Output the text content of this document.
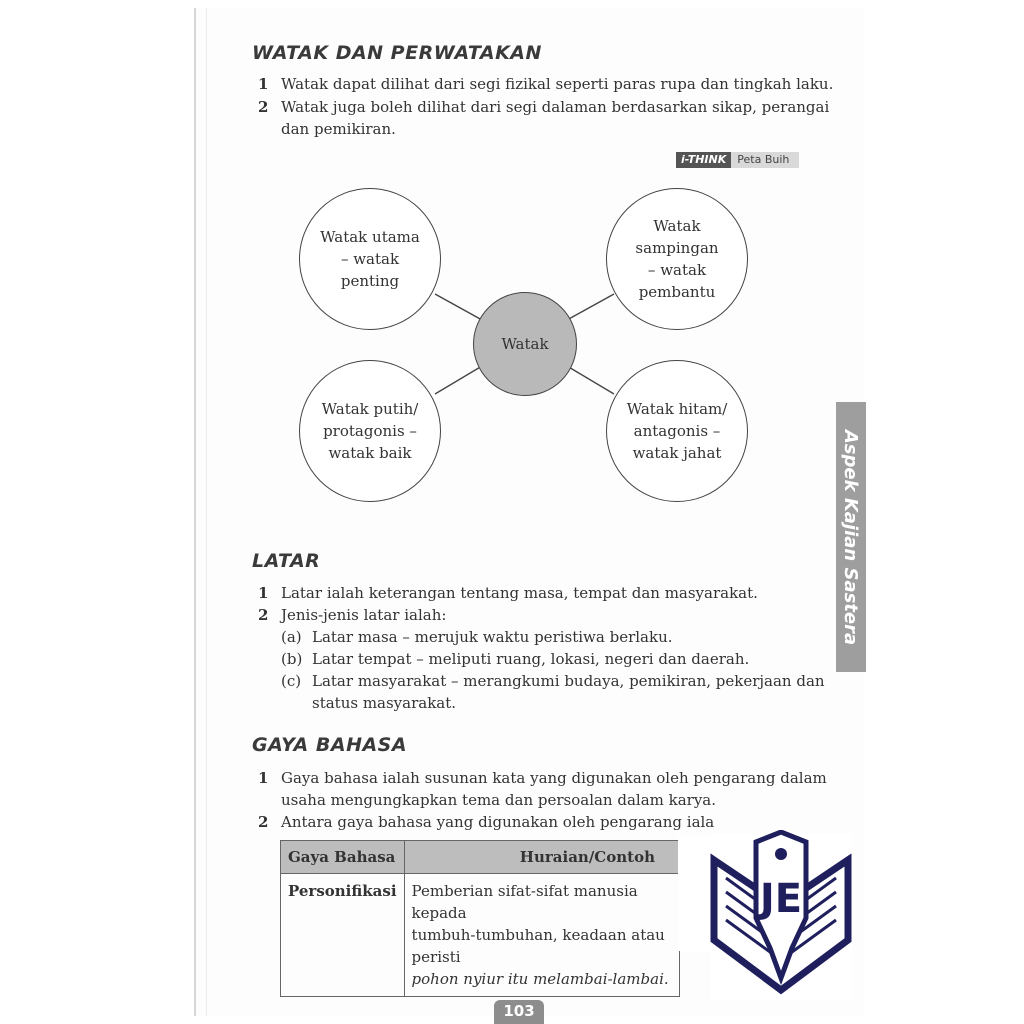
WATAK DAN PERWATAKAN
1 Watak dapat dilihat dari segi fizikal seperti paras rupa dan tingkah laku.
2 Watak juga boleh dilihat dari segi dalaman berdasarkan sikap, perangai
dan pemikiran.
i-THINK	Peta Buih
Watak utama
– watak
penting
Watak
sampingan
– watak
pembantu
Watak
Watak putih/
protagonis –
watak baik
Watak hitam/
antagonis –
watak jahat
LATAR
1 Latar ialah keterangan tentang masa, tempat dan masyarakat.
2 Jenis-jenis latar ialah:
(a) Latar masa – merujuk waktu peristiwa berlaku.
(b) Latar tempat – meliputi ruang, lokasi, negeri dan daerah.
(c) Latar masyarakat – merangkumi budaya, pemikiran, pekerjaan dan
status masyarakat.
GAYA BAHASA
1 Gaya bahasa ialah susunan kata yang digunakan oleh pengarang dalam
usaha mengungkapkan tema dan persoalan dalam karya.
2 Antara gaya bahasa yang digunakan oleh pengarang iala
Gaya Bahasa	Huraian/Contoh
Personifikasi	Pemberian sifat-sifat manusia kepada
tumbuh-tumbuhan, keadaan atau peristi
pohon nyiur itu melambai-lambai.
Aspek Kajian Sastera
103
JE
